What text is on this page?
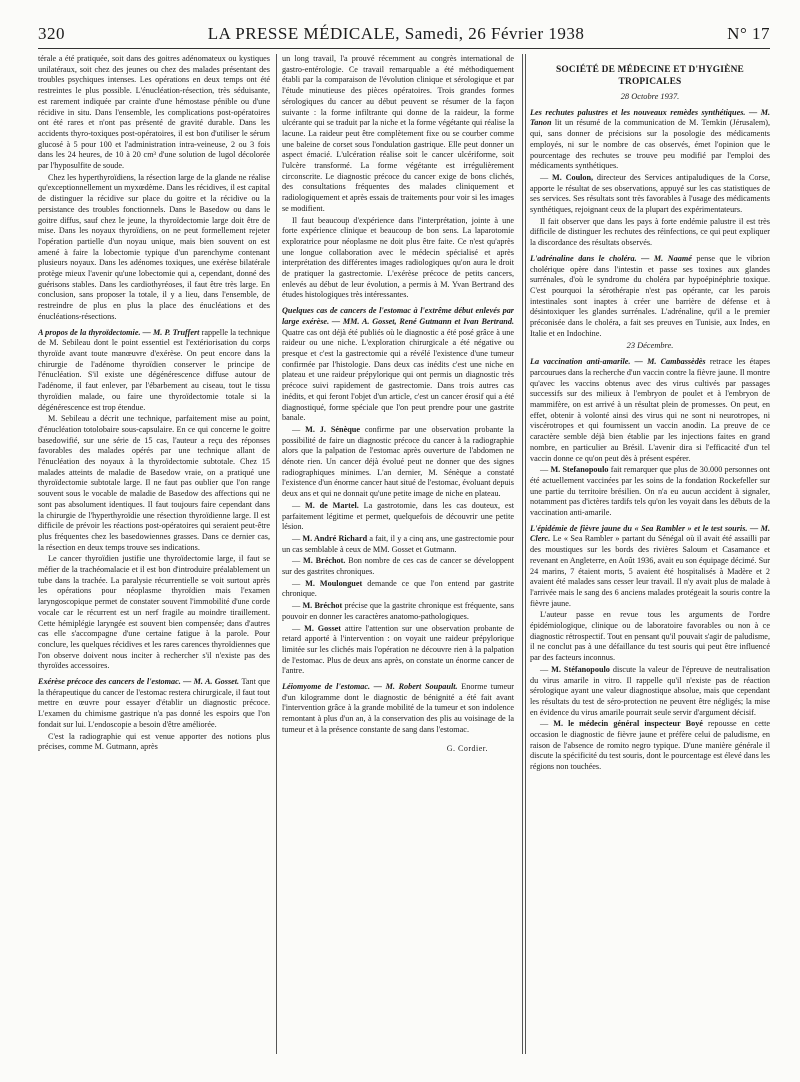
320	LA PRESSE MÉDICALE, Samedi, 26 Février 1938	N° 17

térale a été pratiquée, soit dans des goitres adénomateux ou kystiques unilatéraux, soit chez des jeunes ou chez des malades présentant des troubles psychiques intenses. Les opérations en deux temps ont été restreintes le plus possible. L'énucléation-résection, très séduisante, est rarement indiquée par crainte d'une hémostase pénible ou d'une récidive in situ. Dans l'ensemble, les complications post-opératoires ont été rares et n'ont pas présenté de gravité durable. Dans les accidents thyro-toxiques post-opératoires, il est bon d'utiliser le sérum glucosé à 5 pour 100 et l'administration intra-veineuse, 2 ou 3 fois dans les 24 heures, de 10 à 20 cm³ d'une solution de lugol décolorée par l'hyposulfite de soude.

Chez les hyperthyroïdiens, la résection large de la glande ne réalise qu'exceptionnellement un myxœdème. Dans les récidives, il est capital de distinguer la récidive sur place du goitre et la récidive ou la persistance des troubles fonctionnels. Dans le Basedow ou dans le goitre diffus, sauf chez le jeune, la thyroïdectomie large doit être de mise. Dans les noyaux thyroïdiens, on ne peut formellement rejeter l'opération partielle d'un noyau unique, mais bien souvent on est amené à faire la lobectomie typique d'un parenchyme contenant plusieurs noyaux. Dans les adénomes toxiques, une exérèse bilatérale protège mieux l'avenir qu'une lobectomie qui a, cependant, donné des guérisons stables. Dans les cardiothyréoses, il faut être très large. En conclusion, sans proposer la totale, il y a lieu, dans l'ensemble, de restreindre de plus en plus la place des énucléations et des énucléations-résections.

A propos de la thyroïdectomie. — M. P. Truffert rappelle la technique de M. Sebileau dont le point essentiel est l'extériorisation du corps thyroïde avant toute manœuvre d'exérèse. On peut encore dans la chirurgie de l'adénome thyroïdien conserver le principe de l'énucléation. S'il existe une dégénérescence diffuse autour de l'adénome, il faut enlever, par l'ébarbement au ciseau, tout le tissu thyroïdien malade, ou faire une thyroïdectomie totale si la dégénérescence est trop étendue.

M. Sebileau a décrit une technique, parfaitement mise au point, d'énucléation totolobaire sous-capsulaire. En ce qui concerne le goitre basedowifié, sur une série de 15 cas, l'auteur a reçu des réponses favorables des malades opérés par une technique allant de l'énucléation des noyaux à la thyroïdectomie subtotale. Chez 15 malades atteints de maladie de Basedow vraie, on a pratiqué une thyroïdectomie subtotale large. Il ne faut pas oublier que l'on range souvent sous le vocable de maladie de Basedow des affections qui ne sont pas absolument identiques. Il faut toujours faire cependant dans la chirurgie de l'hyperthyroïdie une résection thyroïdienne large. Il est difficile de prévoir les réactions post-opératoires qui seraient peut-être plus fréquentes chez les basedowiennes grasses. Dans ce dernier cas, la résection en deux temps trouve ses indications.

Le cancer thyroïdien justifie une thyroïdectomie large, il faut se méfier de la trachéomalacie et il est bon d'introduire préalablement un tube dans la trachée. La paralysie récurrentielle se voit surtout après les opérations pour néoplasme thyroïdien mais l'examen laryngoscopique permet de constater souvent l'immobilité d'une corde vocale car le récurrent est un nerf fragile au moindre tiraillement. Cette hémiplégie laryngée est souvent bien compensée; dans d'autres cas elle s'accompagne d'une certaine fatigue à la parole. Pour conclure, les quelques récidives et les rares carences thyroïdiennes que l'on observe doivent nous inciter à rechercher s'il n'existe pas des thyroïdes accessoires.

Exérèse précoce des cancers de l'estomac. — M. A. Gosset. Tant que la thérapeutique du cancer de l'estomac restera chirurgicale, il faut tout mettre en œuvre pour essayer d'établir un diagnostic précoce. L'examen du chimisme gastrique n'a pas donné les espoirs que l'on fondait sur lui. L'endoscopie a besoin d'être améliorée.

C'est la radiographie qui est venue apporter des notions plus précises, comme M. Gutmann, après

un long travail, l'a prouvé récemment au congrès international de gastro-entérologie. Ce travail remarquable a été méthodiquement établi par la comparaison de l'évolution clinique et sérologique et par l'étude minutieuse des pièces opératoires. Trois grandes formes sérologiques du cancer au début peuvent se résumer de la façon suivante : la forme infiltrante qui donne de la raideur, la forme ulcérante qui se traduit par la niche et la forme végétante qui réalise la lacune. La raideur peut être complètement fixe ou se courber comme une baleine de corset sous l'ondulation gastrique. Elle peut donner un aspect émacié. L'ulcération réalise soit le cancer ulcériforme, soit l'ulcère transformé. La forme végétante est irrégulièrement circonscrite. Le diagnostic précoce du cancer exige de bons clichés, des consultations fréquentes des malades cliniquement et radiologiquement et après essais de traitements pour voir si les images se modifient.

Il faut beaucoup d'expérience dans l'interprétation, jointe à une forte expérience clinique et beaucoup de bon sens. La laparotomie exploratrice pour néoplasme ne doit plus être faite. Ce n'est qu'après une longue collaboration avec le médecin spécialisé et après interprétation des différentes images radiologiques qu'on aura le droit de pratiquer la gastrectomie. L'exérèse précoce de petits cancers, enlevés au début de leur évolution, a permis à M. Yvan Bertrand des études histologiques très intéressantes.

Quelques cas de cancers de l'estomac à l'extrême début enlevés par large exérèse. — MM. A. Gosset, René Gutmann et Ivan Bertrand. Quatre cas ont déjà été publiés où le diagnostic a été posé grâce à une raideur ou une niche. L'exploration chirurgicale a été négative ou presque et c'est la gastrectomie qui a révélé l'existence d'une tumeur confirmée par l'histologie. Dans deux cas inédits c'est une niche en plateau et une raideur prépylorique qui ont permis un diagnostic très précoce suivi rapidement de gastrectomie. Dans trois autres cas inédits, et qui feront l'objet d'un article, c'est un cancer érosif qui a été diagnostiqué, forme spéciale que l'on peut prendre pour une gastrite banale.

— M. J. Sénèque confirme par une observation probante la possibilité de faire un diagnostic précoce du cancer à la radiographie alors que la palpation de l'estomac après ouverture de l'abdomen ne dénote rien. Un cancer déjà évolué peut ne donner que des signes radiographiques minimes. L'an dernier, M. Sénèque a constaté l'existence d'un énorme cancer haut situé de l'estomac, évoluant depuis deux ans et qui ne donnait qu'une petite image de niche en plateau.

— M. de Martel. La gastrotomie, dans les cas douteux, est parfaitement légitime et permet, quelquefois de découvrir une petite lésion.

— M. André Richard a fait, il y a cinq ans, une gastrectomie pour un cas semblable à ceux de MM. Gosset et Gutmann.

— M. Bréchot. Bon nombre de ces cas de cancer se développent sur des gastrites chroniques.

— M. Moulonguet demande ce que l'on entend par gastrite chronique.

— M. Bréchot précise que la gastrite chronique est fréquente, sans pouvoir en donner les caractères anatomo-pathologiques.

— M. Gosset attire l'attention sur une observation probante de retard apporté à l'intervention : on voyait une raideur prépylorique limitée sur les clichés mais l'opération ne découvre rien à la palpation de l'estomac. Plus de deux ans après, on constate un énorme cancer de l'antre.

Léiomyome de l'estomac. — M. Robert Soupault. Enorme tumeur d'un kilogramme dont le diagnostic de bénignité a été fait avant l'intervention grâce à la grande mobilité de la tumeur et son indolence remontant à plus d'un an, à la conservation des plis au voisinage de la tumeur et à la présence constante de sang dans l'estomac.

G. Cordier.
SOCIÉTÉ DE MÉDECINE ET D'HYGIÈNE TROPICALES
28 Octobre 1937.

Les rechutes palustres et les nouveaux remèdes synthétiques. — M. Tanon lit un résumé de la communication de M. Temkin (Jérusalem), qui, sans donner de précisions sur la posologie des médicaments employés, ni sur le nombre de cas observés, émet l'opinion que le pourcentage des rechutes se trouve peu modifié par l'emploi des médicaments synthétiques.

— M. Coulon, directeur des Services antipaludiques de la Corse, apporte le résultat de ses observations, appuyé sur les cas statistiques de ses services. Ses résultats sont très favorables à l'usage des médicaments synthétiques, rejoignant ceux de la plupart des expérimentateurs.

Il fait observer que dans les pays à forte endémie palustre il est très difficile de distinguer les rechutes des réinfections, ce qui peut expliquer la discordance des résultats observés.

L'adrénaline dans le choléra. — M. Naamé pense que le vibrion cholérique opère dans l'intestin et passe ses toxines aux glandes surrénales, d'où le syndrome du choléra par hypoépinéphrie toxique. C'est pourquoi la sérothérapie n'est pas opérante, car les parois intestinales sont inaptes à créer une barrière de défense et à désintoxiquer les glandes surrénales. L'adrénaline, qu'il a le premier préconisée dans le choléra, a fait ses preuves en Tunisie, aux Indes, en Italie et en Indochine.

23 Décembre.

La vaccination anti-amarile. — M. Cambassèdès retrace les étapes parcourues dans la recherche d'un vaccin contre la fièvre jaune. Il montre qu'avec les vaccins obtenus avec des virus cultivés par passages successifs sur des milieux à l'embryon de poulet et à l'embryon de mammifère, on est arrivé à un résultat plein de promesses. On peut, en effet, obtenir à volonté ainsi des virus qui ne sont ni neurotropes, ni viscérotropes et qui fournissent un vaccin anodin. La preuve de ce caractère semble déjà bien établie par les injections faites en grand nombre, en particulier au Brésil. L'avenir dira si l'efficacité d'un tel vaccin donne ce qu'on peut dès à présent espérer.

— M. Stefanopoulo fait remarquer que plus de 30.000 personnes ont été actuellement vaccinées par les soins de la fondation Rockefeller sur une partie du territoire brésilien. On n'a eu aucun accident à signaler, notamment pas d'ictères tardifs tels qu'on les voyait dans les débuts de la vaccination anti-amarile.

L'épidémie de fièvre jaune du « Sea Rambler » et le test souris. — M. Clerc. Le « Sea Rambler » partant du Sénégal où il avait été assailli par des moustiques sur les bords des rivières Saloum et Casamance et revenant en Angleterre, en Août 1936, avait eu son équipage décimé. Sur 24 marins, 7 étaient morts, 5 avaient été hospitalisés à Madère et 2 avaient été malades sans cesser leur travail. Il n'y avait plus de malade à l'arrivée mais le sang des 6 anciens malades protégeait la souris contre la fièvre jaune.

L'auteur passe en revue tous les arguments de l'ordre épidémiologique, clinique ou de laboratoire favorables ou non à ce diagnostic rétrospectif. Tout en pensant qu'il pouvait s'agir de paludisme, il ne conclut pas à une défaillance du test souris qui peut être influencé par des facteurs inconnus.

— M. Stéfanopoulo discute la valeur de l'épreuve de neutralisation du virus amarile in vitro. Il rappelle qu'il n'existe pas de réaction sérologique ayant une valeur diagnostique absolue, mais que cependant les résultats du test de séro-protection ne peuvent être négligés; la mise en évidence du virus amarile pourrait seule servir d'argument décisif.

— M. le médecin général inspecteur Boyé repousse en cette occasion le diagnostic de fièvre jaune et préfère celui de paludisme, en raison de l'absence de romito negro typique. D'une manière générale il discute la spécificité du test souris, dont le pourcentage est élevé dans les régions non touchées.
